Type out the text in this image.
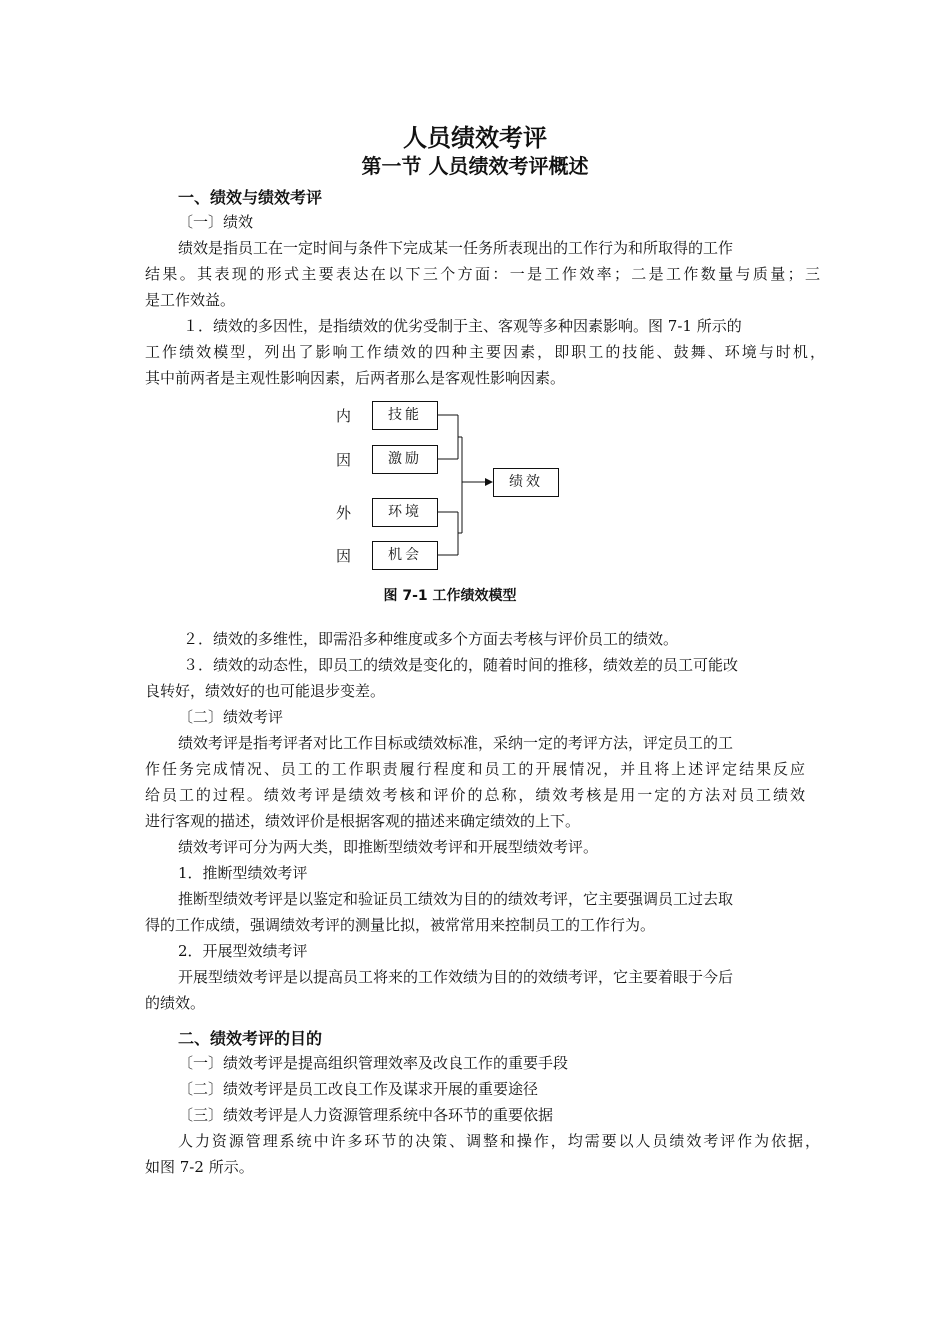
人员绩效考评
第一节 人员绩效考评概述
一、绩效与绩效考评

〔一〕绩效

绩效是指员工在一定时间与条件下完成某一任务所表现出的工作行为和所取得的工作

结果。其表现的形式主要表达在以下三个方面：一是工作效率；二是工作数量与质量；三

是工作效益。

１．绩效的多因性，是指绩效的优劣受制于主、客观等多种因素影响。图 7-1 所示的

工作绩效模型，列出了影响工作绩效的四种主要因素，即职工的技能、鼓舞、环境与时机，

其中前两者是主观性影响因素，后两者那么是客观性影响因素。

内
因
外
因
技能
激励
环境
机会
绩效
图 7-1 工作绩效模型

２．绩效的多维性，即需沿多种维度或多个方面去考核与评价员工的绩效。

３．绩效的动态性，即员工的绩效是变化的，随着时间的推移，绩效差的员工可能改

良转好，绩效好的也可能退步变差。

〔二〕绩效考评

绩效考评是指考评者对比工作目标或绩效标准，采纳一定的考评方法，评定员工的工

作任务完成情况、员工的工作职责履行程度和员工的开展情况，并且将上述评定结果反应

给员工的过程。绩效考评是绩效考核和评价的总称，绩效考核是用一定的方法对员工绩效

进行客观的描述，绩效评价是根据客观的描述来确定绩效的上下。

绩效考评可分为两大类，即推断型绩效考评和开展型绩效考评。

1．推断型绩效考评

推断型绩效考评是以鉴定和验证员工绩效为目的的绩效考评，它主要强调员工过去取

得的工作成绩，强调绩效考评的测量比拟，被常常用来控制员工的工作行为。

2．开展型效绩考评

开展型绩效考评是以提高员工将来的工作效绩为目的的效绩考评，它主要着眼于今后

的绩效。

二、绩效考评的目的

〔一〕绩效考评是提高组织管理效率及改良工作的重要手段

〔二〕绩效考评是员工改良工作及谋求开展的重要途径

〔三〕绩效考评是人力资源管理系统中各环节的重要依据

人力资源管理系统中许多环节的决策、调整和操作，均需要以人员绩效考评作为依据，

如图 7-2 所示。
